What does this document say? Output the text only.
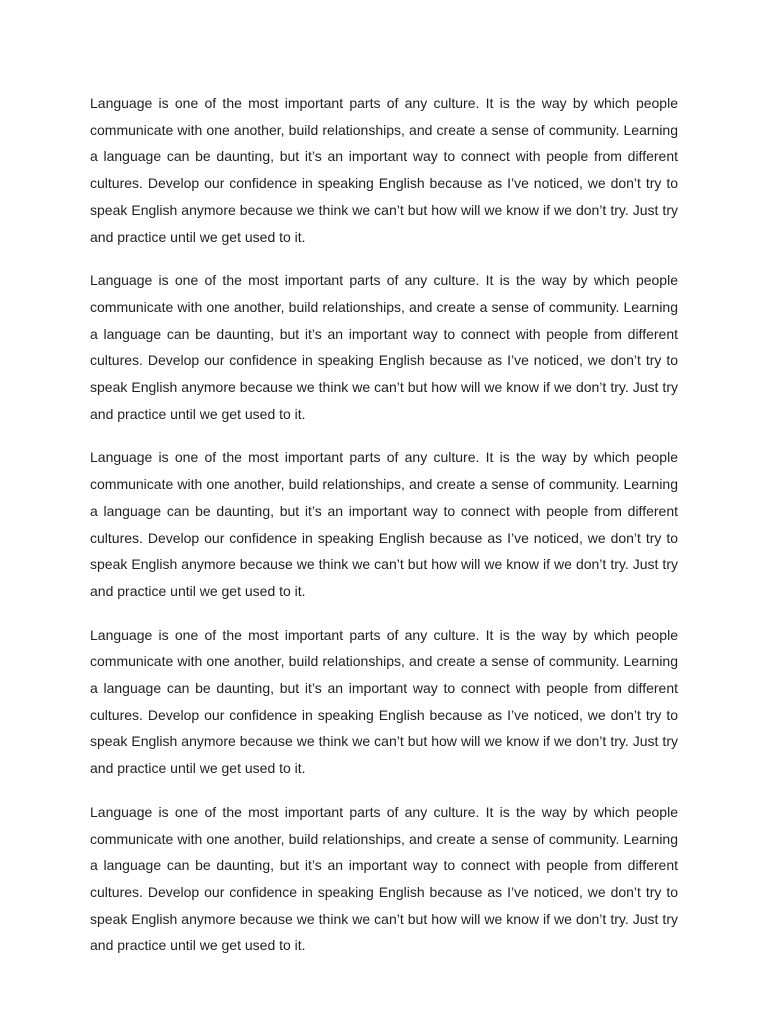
Language is one of the most important parts of any culture. It is the way by which people communicate with one another, build relationships, and create a sense of community. Learning a language can be daunting, but it’s an important way to connect with people from different cultures. Develop our confidence in speaking English because as I’ve noticed, we don’t try to speak English anymore because we think we can’t but how will we know if we don’t try. Just try and practice until we get used to it.

Language is one of the most important parts of any culture. It is the way by which people communicate with one another, build relationships, and create a sense of community. Learning a language can be daunting, but it’s an important way to connect with people from different cultures. Develop our confidence in speaking English because as I’ve noticed, we don’t try to speak English anymore because we think we can’t but how will we know if we don’t try. Just try and practice until we get used to it.

Language is one of the most important parts of any culture. It is the way by which people communicate with one another, build relationships, and create a sense of community. Learning a language can be daunting, but it’s an important way to connect with people from different cultures. Develop our confidence in speaking English because as I’ve noticed, we don’t try to speak English anymore because we think we can’t but how will we know if we don’t try. Just try and practice until we get used to it.

Language is one of the most important parts of any culture. It is the way by which people communicate with one another, build relationships, and create a sense of community. Learning a language can be daunting, but it’s an important way to connect with people from different cultures. Develop our confidence in speaking English because as I’ve noticed, we don’t try to speak English anymore because we think we can’t but how will we know if we don’t try. Just try and practice until we get used to it.

Language is one of the most important parts of any culture. It is the way by which people communicate with one another, build relationships, and create a sense of community. Learning a language can be daunting, but it’s an important way to connect with people from different cultures. Develop our confidence in speaking English because as I’ve noticed, we don’t try to speak English anymore because we think we can’t but how will we know if we don’t try. Just try and practice until we get used to it.
